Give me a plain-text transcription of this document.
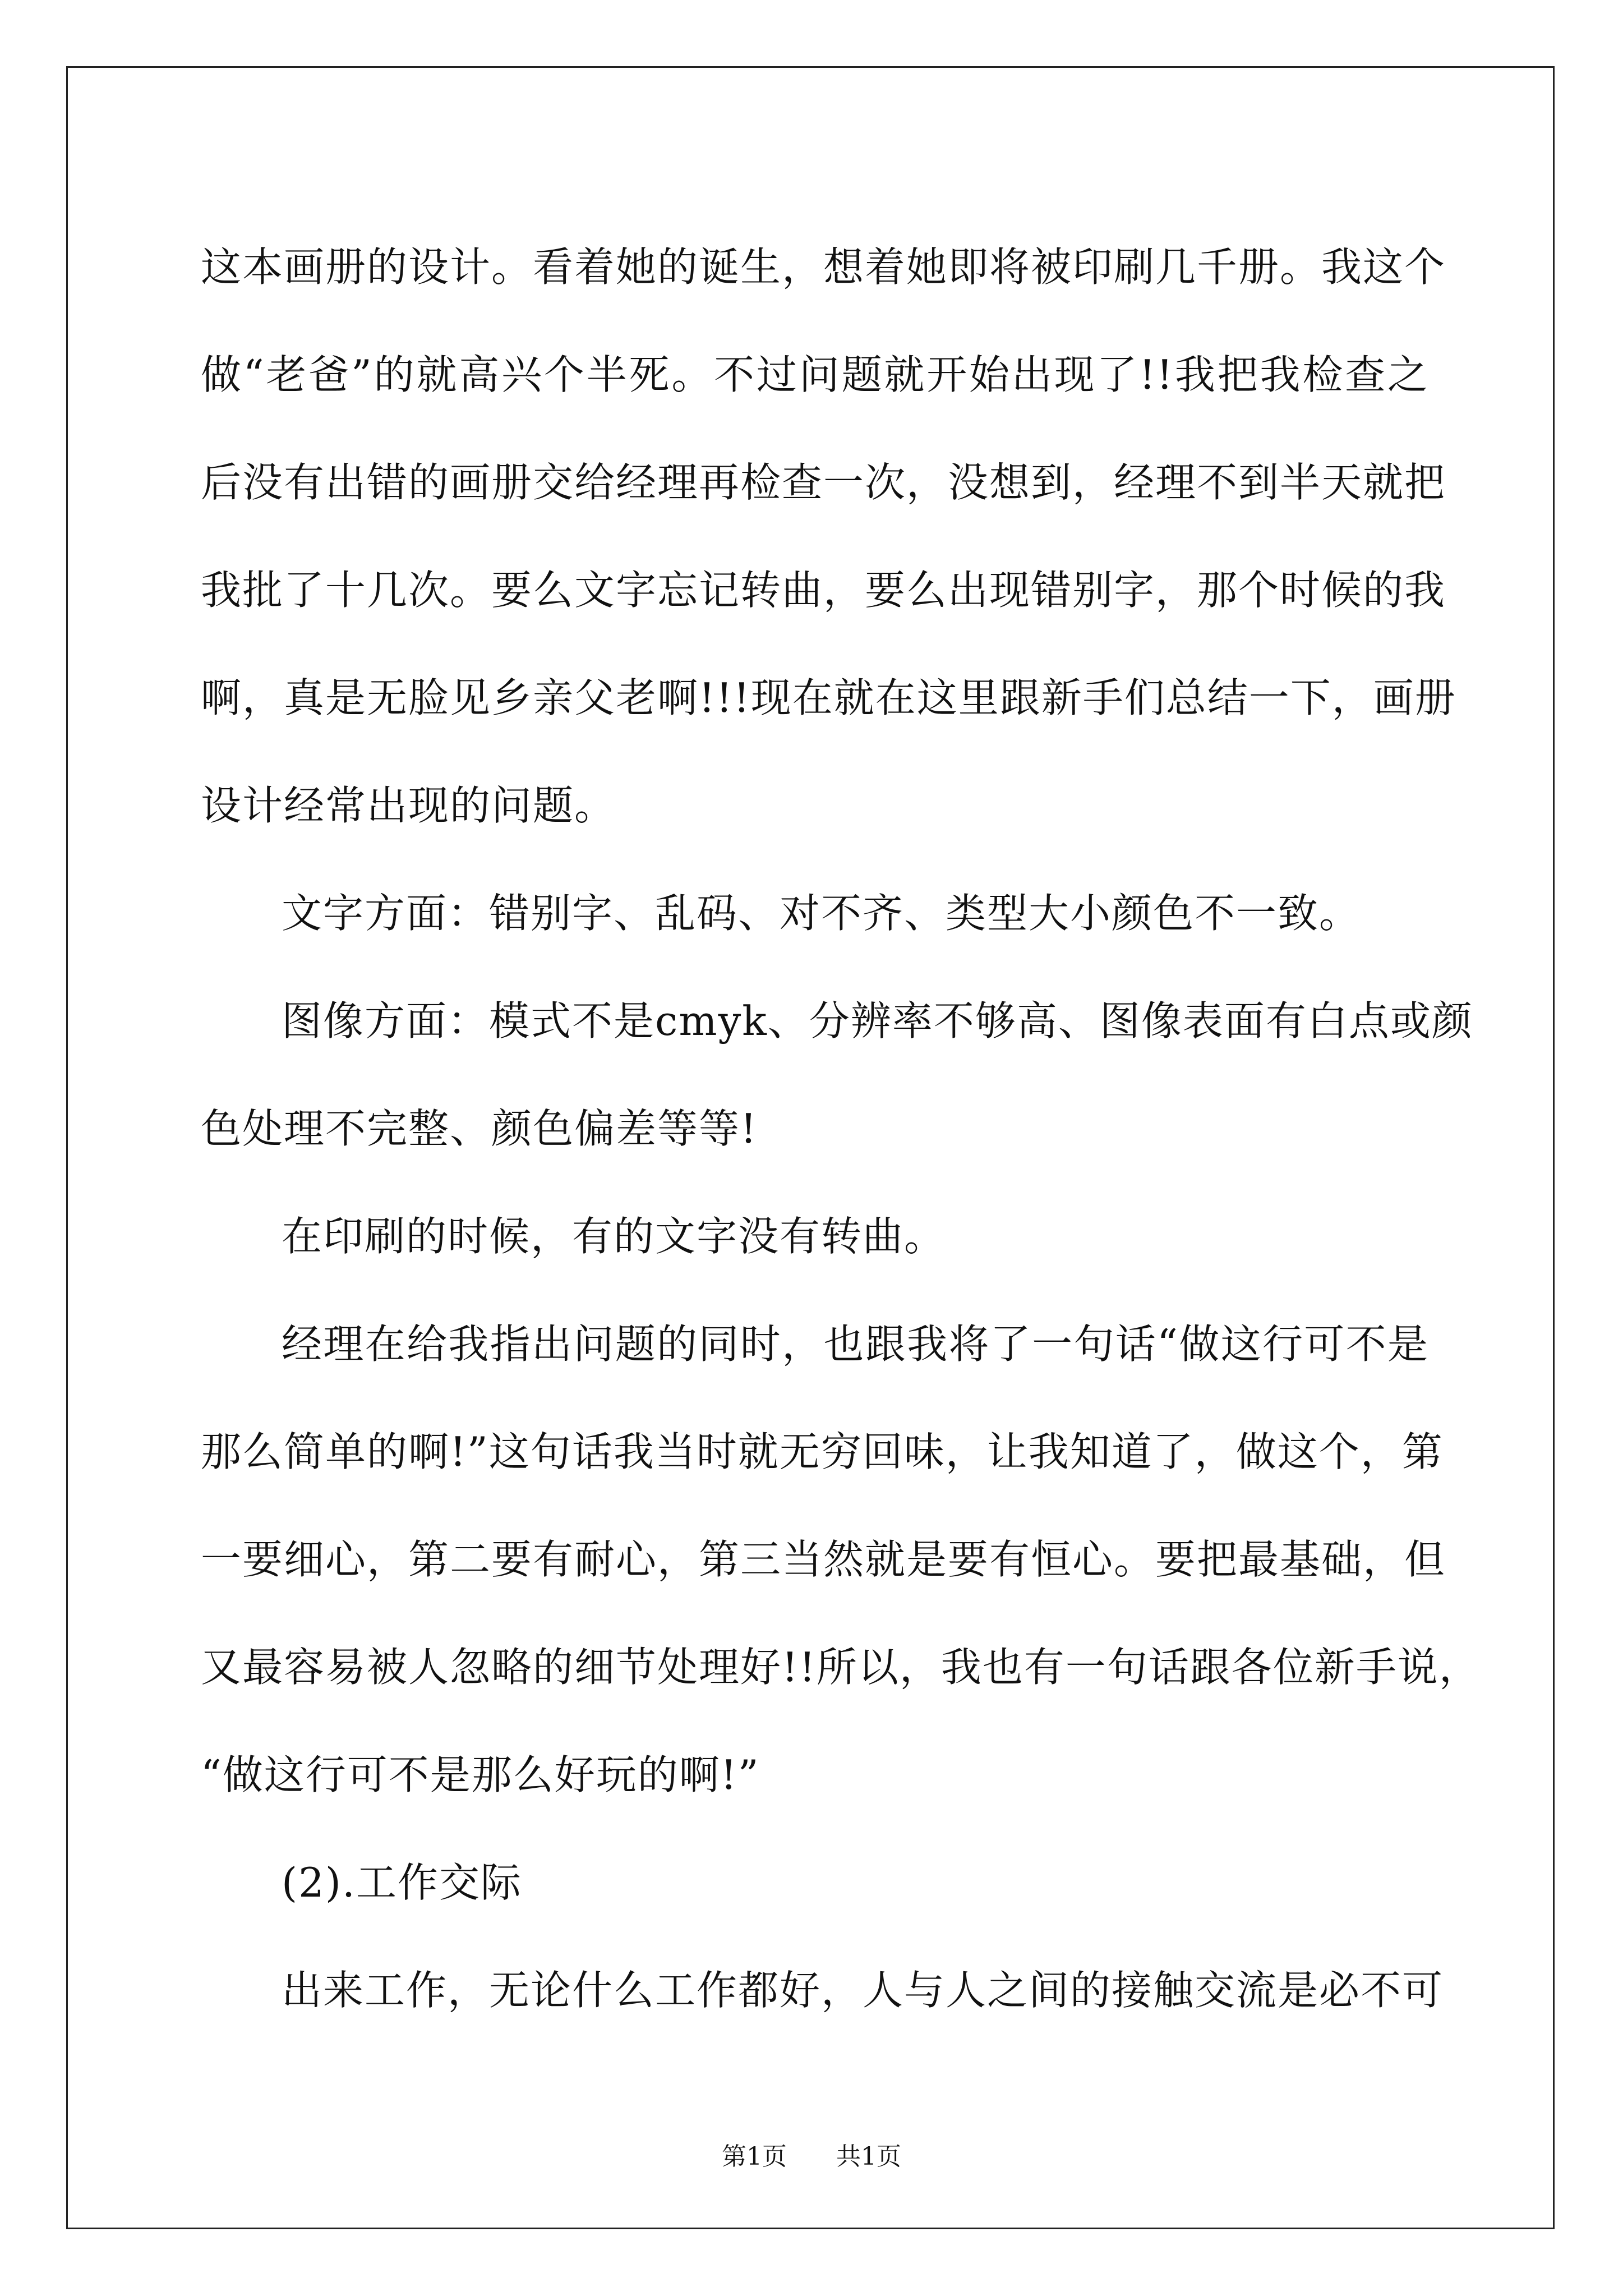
这本画册的设计。看着她的诞生，想着她即将被印刷几千册。我这个
做“老爸”的就高兴个半死。不过问题就开始出现了!!我把我检查之
后没有出错的画册交给经理再检查一次，没想到，经理不到半天就把
我批了十几次。要么文字忘记转曲，要么出现错别字，那个时候的我
啊，真是无脸见乡亲父老啊!!!现在就在这里跟新手们总结一下，画册
设计经常出现的问题。
文字方面：错别字、乱码、对不齐、类型大小颜色不一致。
图像方面：模式不是cmyk、分辨率不够高、图像表面有白点或颜
色处理不完整、颜色偏差等等!
在印刷的时候，有的文字没有转曲。
经理在给我指出问题的同时，也跟我将了一句话“做这行可不是
那么简单的啊!”这句话我当时就无穷回味，让我知道了，做这个，第
一要细心，第二要有耐心，第三当然就是要有恒心。要把最基础，但
又最容易被人忽略的细节处理好!!所以，我也有一句话跟各位新手说，
“做这行可不是那么好玩的啊!”
(2).工作交际
出来工作，无论什么工作都好，人与人之间的接触交流是必不可
第1页 共1页
